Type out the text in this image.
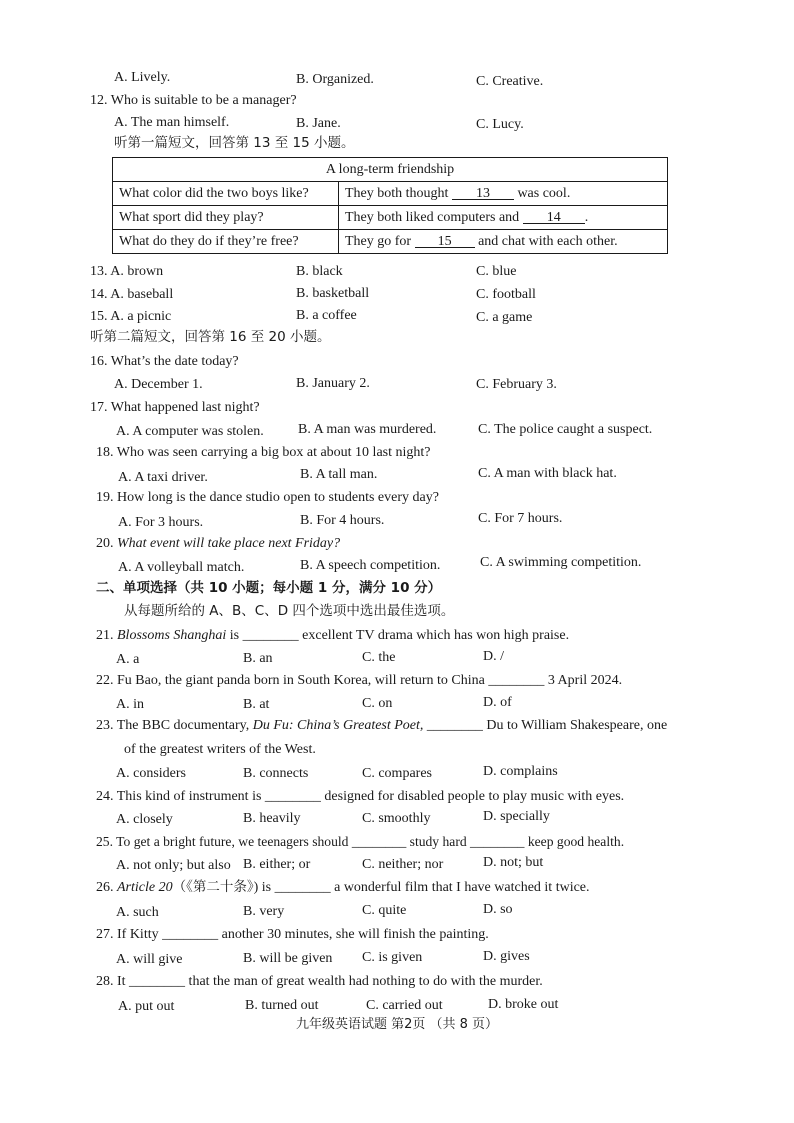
A. Lively.	B. Organized.	C. Creative.
12. Who is suitable to be a manager?
A. The man himself.	B. Jane.	C. Lucy.
听第一篇短文，回答第 13 至 15 小题。
A long-term friendship	
What color did the two boys like?	They both thought 13 was cool.
What sport did they play?	They both liked computers and 14 .
What do they do if they’re free?	They go for 15 and chat with each other.
13. A. brown	B. black	C. blue
14. A. baseball	B. basketball	C. football
15. A. a picnic	B. a coffee	C. a game
听第二篇短文，回答第 16 至 20 小题。
16. What’s the date today?
A. December 1.	B. January 2.	C. February 3.
17. What happened last night?
A. A computer was stolen. B. A man was murdered.	C. The police caught a suspect.
18. Who was seen carrying a big box at about 10 last night?
A. A taxi driver.	B. A tall man.	C. A man with black hat.
19. How long is the dance studio open to students every day?
A. For 3 hours.	B. For 4 hours.	C. For 7 hours.
20. What event will take place next Friday?
A. A volleyball match.	B. A speech competition.	C. A swimming competition.
二、单项选择（共 10 小题；每小题 1 分，满分 10 分）
从每题所给的 A、B、C、D 四个选项中选出最佳选项。
21. Blossoms Shanghai is ________ excellent TV drama which has won high praise.
A. a	B. an	C. the	D. /
22. Fu Bao, the giant panda born in South Korea, will return to China ________ 3 April 2024.
A. in	B. at	C. on	D. of
23. The BBC documentary, Du Fu: China’s Greatest Poet, ________ Du to William Shakespeare, one
of the greatest writers of the West.
A. considers	B. connects	C. compares	D. complains
24. This kind of instrument is ________ designed for disabled people to play music with eyes.
A. closely	B. heavily	C. smoothly	D. specially
25. To get a bright future, we teenagers should ________ study hard ________ keep good health.
A. not only; but also B. either; or	C. neither; nor	D. not; but
26. Article 20（《第二十条》) is ________ a wonderful film that I have watched it twice.
A. such	B. very	C. quite	D. so
27. If Kitty ________ another 30 minutes, she will finish the painting.
A. will give	B. will be given C. is given	D. gives
28. It ________ that the man of great wealth had nothing to do with the murder.
A. put out	B. turned out	C. carried out	D. broke out
九年级英语试题 第2页 （共 8 页）
